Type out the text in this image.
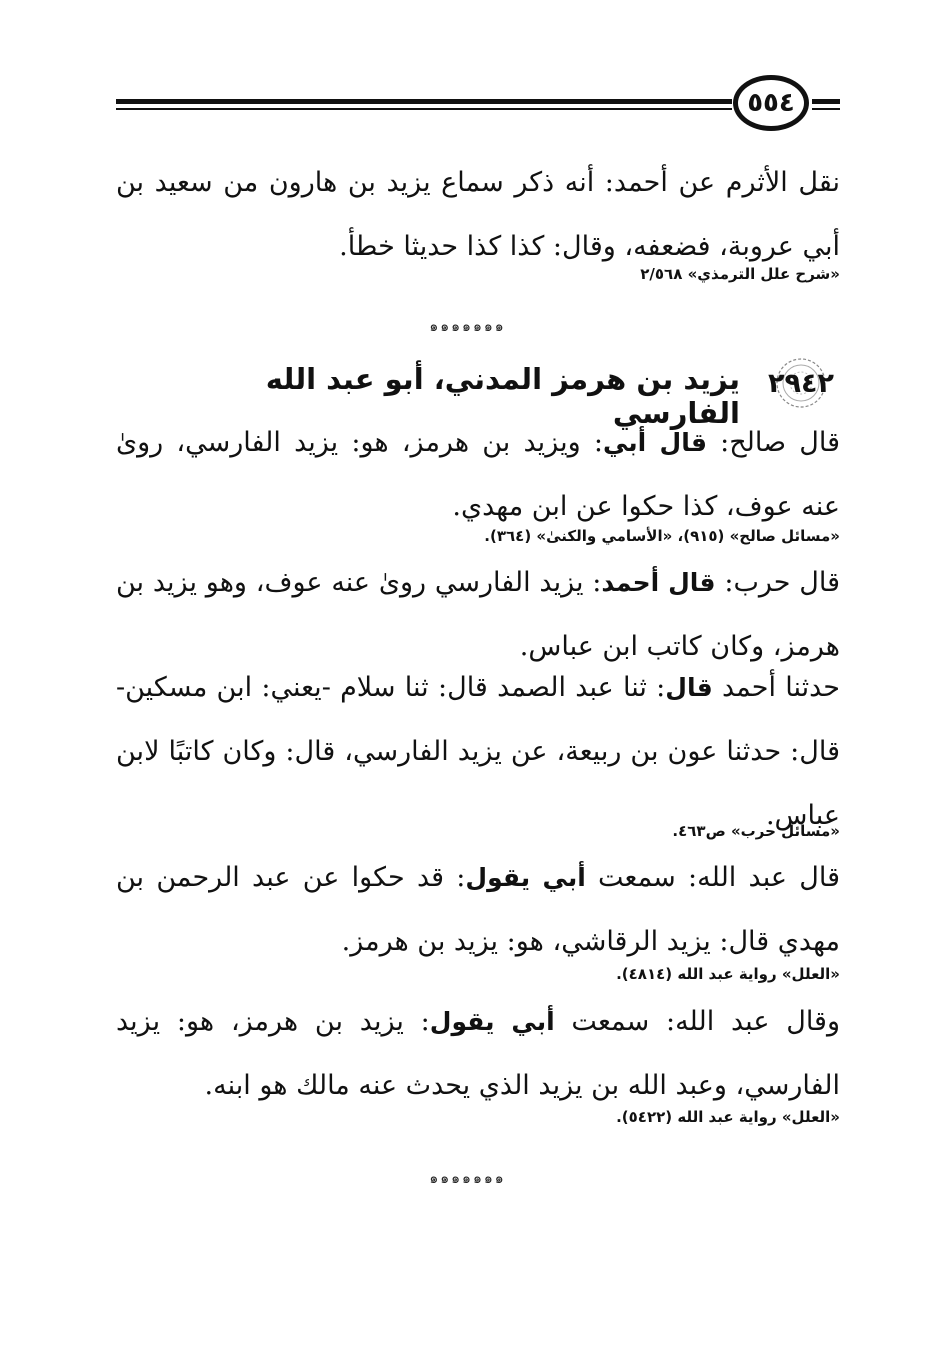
٥٥٤

نقل الأثرم عن أحمد: أنه ذكر سماع يزيد بن هارون من سعيد بن أبي عروبة، فضعفه، وقال: كذا كذا حديثا خطأ.

«شرح علل الترمذي» ٢/٥٦٨

๑๑๑๑๑๑๑
٢٩٤٢
يزيد بن هرمز المدني، أبو عبد الله الفارسي

قال صالح: قال أبي: ويزيد بن هرمز، هو: يزيد الفارسي، روىٰ عنه عوف، كذا حكوا عن ابن مهدي.

«مسائل صالح» (٩١٥)، «الأسامي والكنىٰ» (٣٦٤).

قال حرب: قال أحمد: يزيد الفارسي روىٰ عنه عوف، وهو يزيد بن هرمز، وكان كاتب ابن عباس.

حدثنا أحمد قال: ثنا عبد الصمد قال: ثنا سلام -يعني: ابن مسكين- قال: حدثنا عون بن ربيعة، عن يزيد الفارسي، قال: وكان كاتبًا لابن عباس.

«مسائل حرب» ص٤٦٣.

قال عبد الله: سمعت أبي يقول: قد حكوا عن عبد الرحمن بن مهدي قال: يزيد الرقاشي، هو: يزيد بن هرمز.

«العلل» رواية عبد الله (٤٨١٤).

وقال عبد الله: سمعت أبي يقول: يزيد بن هرمز، هو: يزيد الفارسي، وعبد الله بن يزيد الذي يحدث عنه مالك هو ابنه.

«العلل» رواية عبد الله (٥٤٢٢).

๑๑๑๑๑๑๑
